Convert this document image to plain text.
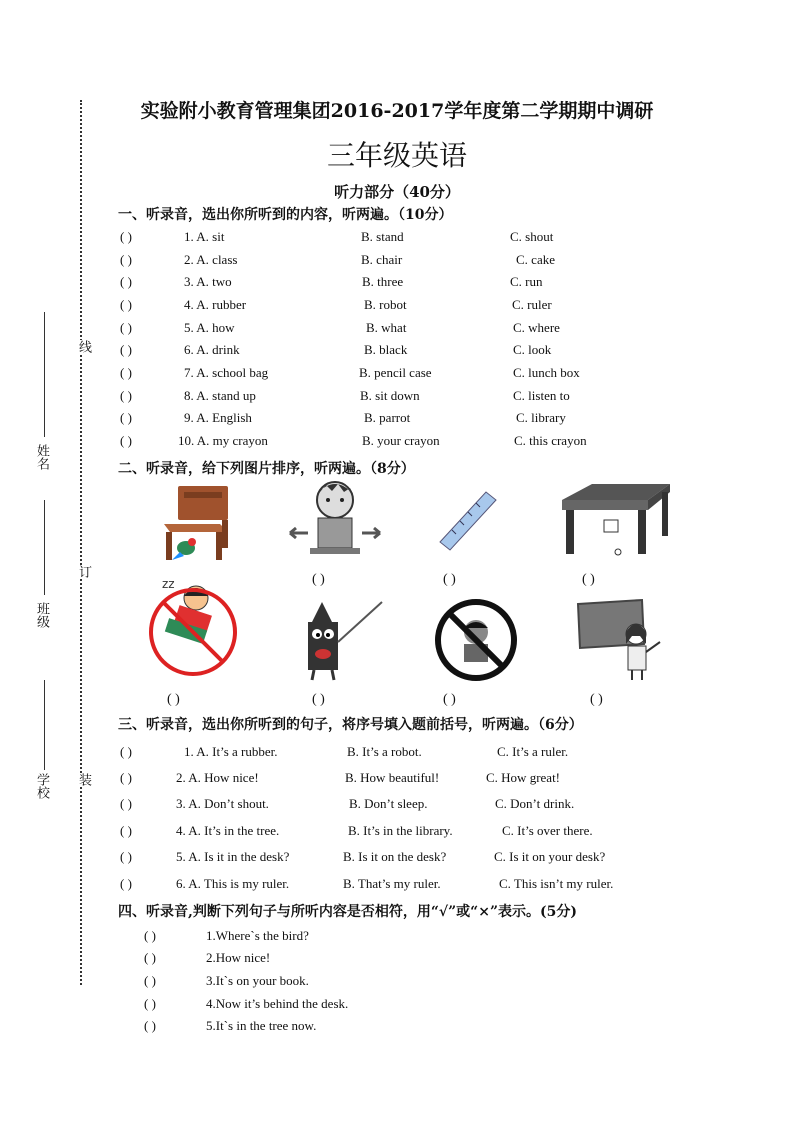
线
订
装
姓名
班级
学校
实验附小教育管理集团2016-2017学年度第二学期期中调研
三年级英语
听力部分（40分）
一、听录音，选出你所听到的内容，听两遍。（10分）
( )	1. A. sit	B. stand	C. shout
( )	2. A. class	B. chair	C. cake
( )	3. A. two	B. three	C. run
( )	4. A. rubber	B. robot	C. ruler
( )	5. A. how	B. what	C. where
( )	6. A. drink	B. black	C. look
( )	7. A. school bag	B. pencil case	C. lunch box
( )	8. A. stand up	B. sit down	C. listen to
( )	9. A. English	B. parrot	C. library
( )	10. A. my crayon	B. your crayon	C. this crayon
二、听录音，给下列图片排序，听两遍。（8分）
( )	( )	( )
zz
( )	( )	( )	( )
三、听录音，选出你所听到的句子，将序号填入题前括号，听两遍。（6分）
( )	1. A. It’s a rubber.	B. It’s a robot.	C. It’s a ruler.
( )	2. A. How nice!	B. How beautiful!	C. How great!
( )	3. A. Don’t shout.	B. Don’t sleep.	C. Don’t drink.
( )	4. A. It’s in the tree.	B. It’s in the library.	C. It’s over there.
( )	5. A. Is it in the desk?	B. Is it on the desk?	C. Is it on your desk?
( )	6. A. This is my ruler.	B. That’s my ruler.	C. This isn’t my ruler.
四、听录音,判断下列句子与所听内容是否相符，用“√”或“×”表示。(5分)
( )	1.Where`s the bird?
( )	2.How nice!
( )	3.It`s on your book.
( )	4.Now it’s behind the desk.
( )	5.It`s in the tree now.
